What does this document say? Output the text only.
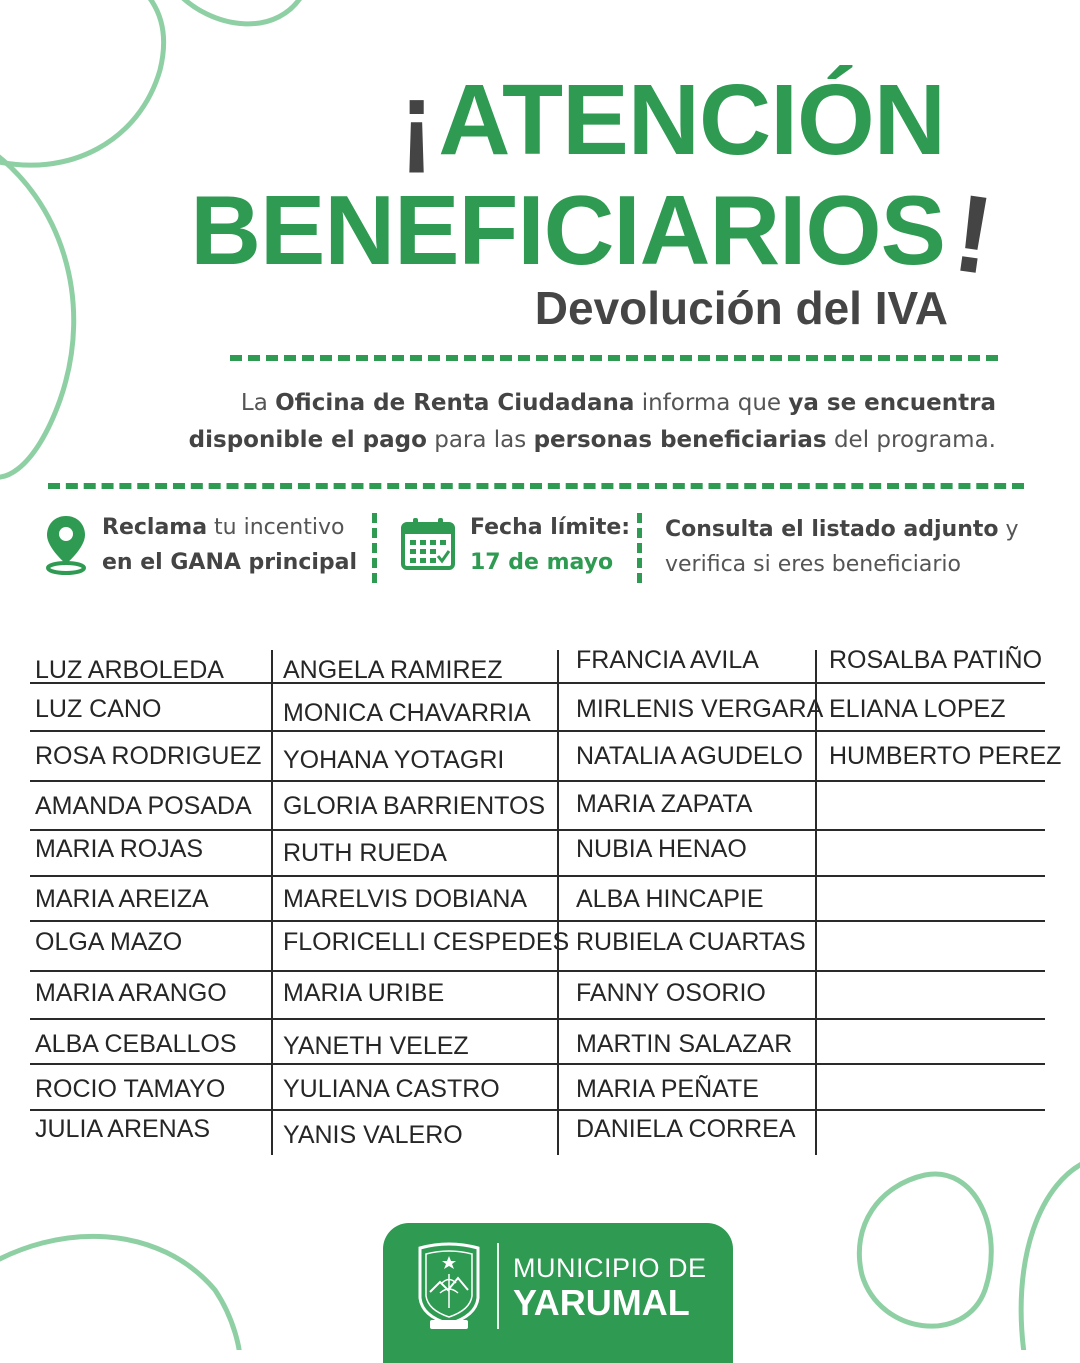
¡ATENCIÓN
BENEFICIARIOS !
Devolución del IVA
La Oficina de Renta Ciudadana informa que ya se encuentra
disponible el pago para las personas beneficiarias del programa.
Reclama tu incentivo
en el GANA principal
Fecha límite:
17 de mayo
Consulta el listado adjunto y
verifica si eres beneficiario
LUZ ARBOLEDA
LUZ CANO
ROSA RODRIGUEZ
AMANDA POSADA
MARIA ROJAS
MARIA AREIZA
OLGA MAZO
MARIA ARANGO
ALBA CEBALLOS
ROCIO TAMAYO
JULIA ARENAS
ANGELA RAMIREZ
MONICA CHAVARRIA
YOHANA YOTAGRI
GLORIA BARRIENTOS
RUTH RUEDA
MARELVIS DOBIANA
FLORICELLI CESPEDES
MARIA URIBE
YANETH VELEZ
YULIANA CASTRO
YANIS VALERO
FRANCIA AVILA
MIRLENIS VERGARA
NATALIA AGUDELO
MARIA ZAPATA
NUBIA HENAO
ALBA HINCAPIE
RUBIELA CUARTAS
FANNY OSORIO
MARTIN SALAZAR
MARIA PEÑATE
DANIELA CORREA
ROSALBA PATIÑO
ELIANA LOPEZ
HUMBERTO PEREZ
MUNICIPIO DE
YARUMAL
